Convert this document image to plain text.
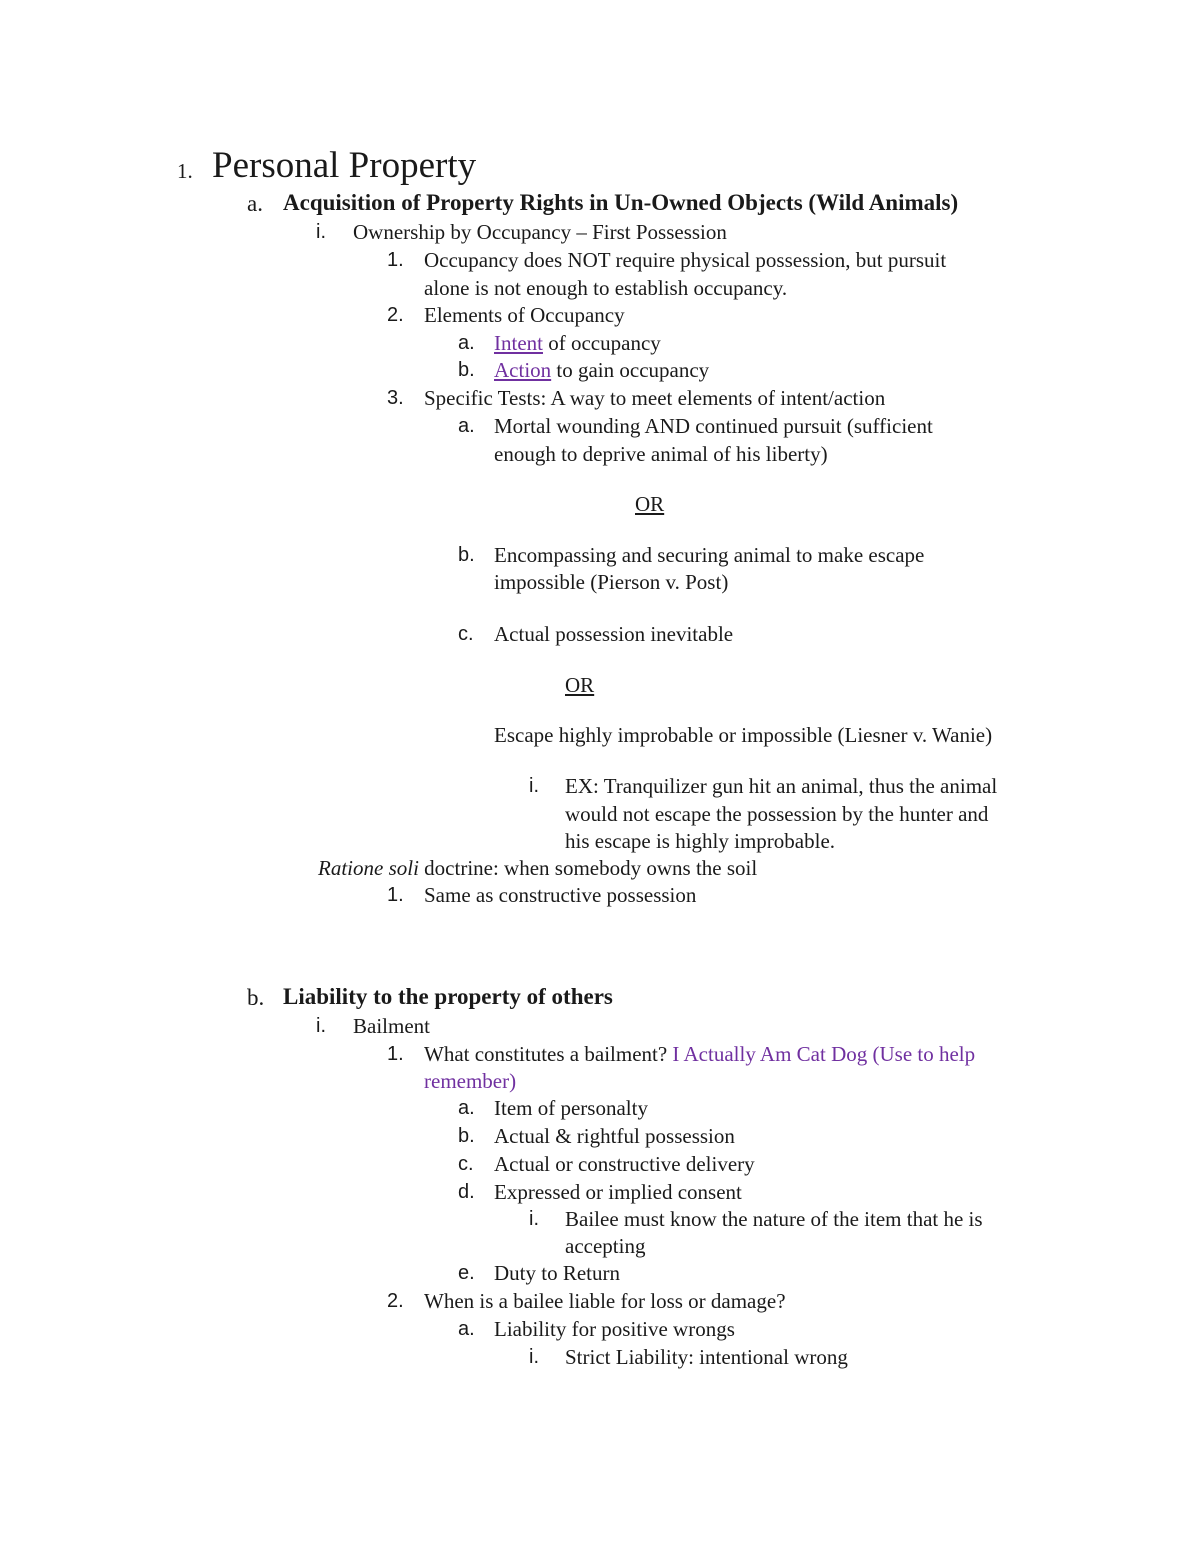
1. Personal Property
a. Acquisition of Property Rights in Un-Owned Objects (Wild Animals)
i. Ownership by Occupancy – First Possession
1. Occupancy does NOT require physical possession, but pursuit
alone is not enough to establish occupancy.
2. Elements of Occupancy
a. Intent of occupancy
b. Action to gain occupancy
3. Specific Tests: A way to meet elements of intent/action
a. Mortal wounding AND continued pursuit (sufficient
enough to deprive animal of his liberty)
OR
b. Encompassing and securing animal to make escape
impossible (Pierson v. Post)
c. Actual possession inevitable
OR
Escape highly improbable or impossible (Liesner v. Wanie)
i. EX: Tranquilizer gun hit an animal, thus the animal
would not escape the possession by the hunter and
his escape is highly improbable.
Ratione soli doctrine: when somebody owns the soil
1. Same as constructive possession
b. Liability to the property of others
i. Bailment
1. What constitutes a bailment? I Actually Am Cat Dog (Use to help
remember)
a. Item of personalty
b. Actual & rightful possession
c. Actual or constructive delivery
d. Expressed or implied consent
i. Bailee must know the nature of the item that he is
accepting
e. Duty to Return
2. When is a bailee liable for loss or damage?
a. Liability for positive wrongs
i. Strict Liability: intentional wrong
